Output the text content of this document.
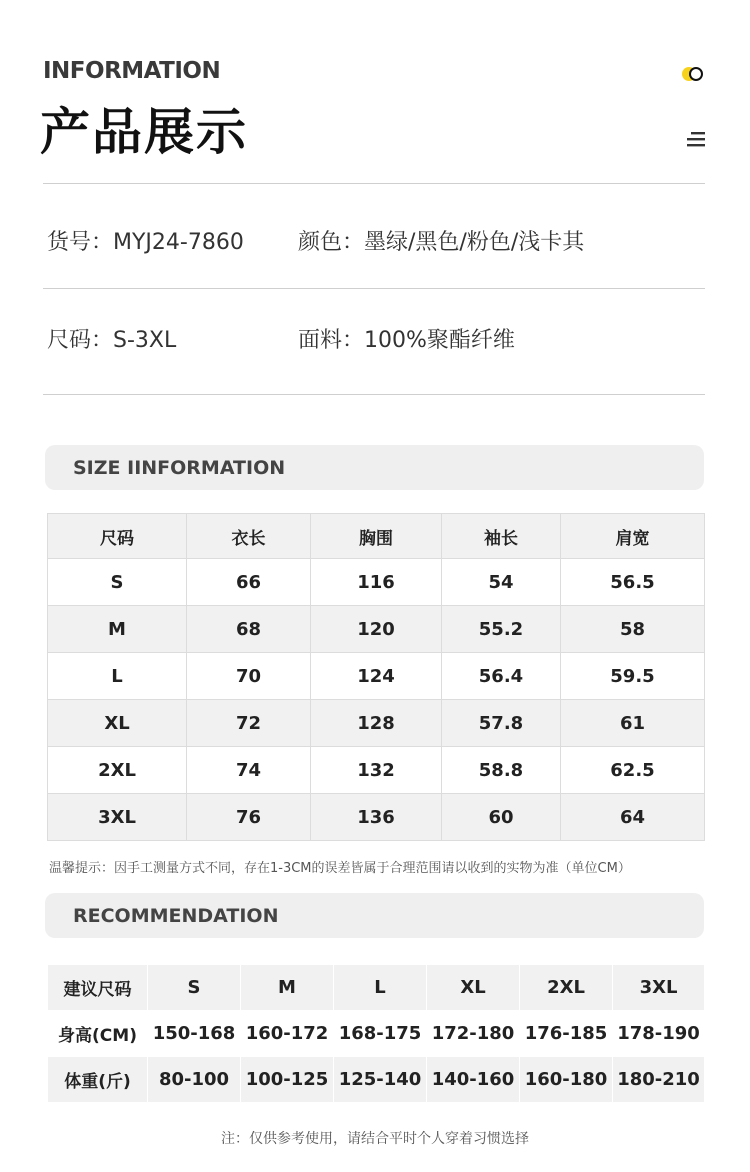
INFORMATION
产品展示
货号：MYJ24-7860 颜色：墨绿/黑色/粉色/浅卡其
尺码：S-3XL	面料：100%聚酯纤维
SIZE IINFORMATION
尺码	衣长	胸围	袖长	肩宽
S	66	116	54	56.5
M	68	120	55.2	58
L	70	124	56.4	59.5
XL	72	128	57.8	61
2XL	74	132	58.8	62.5
3XL	76	136	60	64
温馨提示：因手工测量方式不同，存在1-3CM的误差皆属于合理范围请以收到的实物为准（单位CM）
RECOMMENDATION
建议尺码	S	M	L	XL	2XL	3XL
身高(CM)	150-168	160-172	168-175	172-180	176-185	178-190
体重(斤)	80-100	100-125	125-140	140-160	160-180	180-210
注：仅供参考使用，请结合平时个人穿着习惯选择
